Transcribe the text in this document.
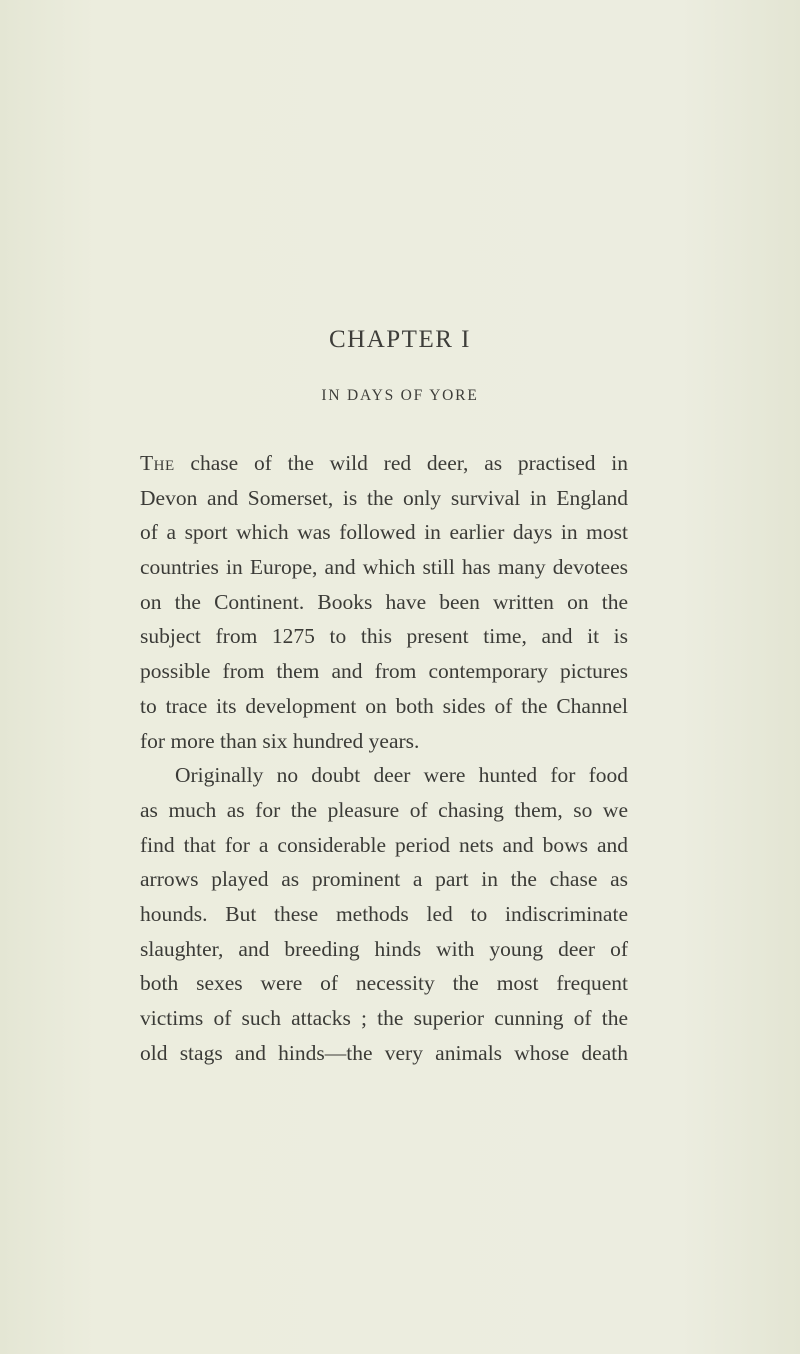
CHAPTER I
IN DAYS OF YORE
The chase of the wild red deer, as practised in
Devon and Somerset, is the only survival in England
of a sport which was followed in earlier days in most
countries in Europe, and which still has many devotees
on the Continent. Books have been written on the
subject from 1275 to this present time, and it is
possible from them and from contemporary pictures
to trace its development on both sides of the Channel
for more than six hundred years.
Originally no doubt deer were hunted for food
as much as for the pleasure of chasing them, so we
find that for a considerable period nets and bows and
arrows played as prominent a part in the chase as
hounds. But these methods led to indiscriminate
slaughter, and breeding hinds with young deer of
both sexes were of necessity the most frequent
victims of such attacks ; the superior cunning of the
old stags and hinds—the very animals whose death
